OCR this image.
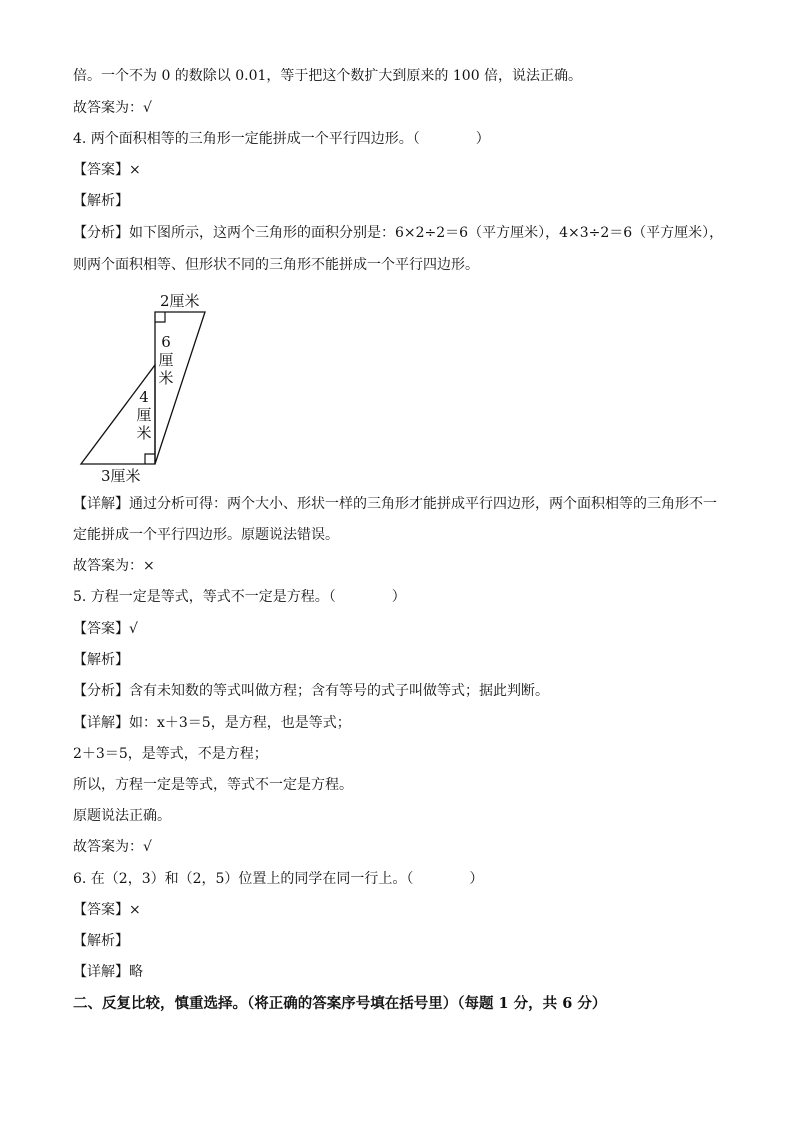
倍。一个不为 0 的数除以 0.01，等于把这个数扩大到原来的 100 倍，说法正确。
故答案为：√
4. 两个面积相等的三角形一定能拼成一个平行四边形。（　　　　）
【答案】×
【解析】
【分析】如下图所示，这两个三角形的面积分别是：6×2÷2＝6（平方厘米），4×3÷2＝6（平方厘米），
则两个面积相等、但形状不同的三角形不能拼成一个平行四边形。
2厘米
6
厘
米
4
厘
米
3厘米
【详解】通过分析可得：两个大小、形状一样的三角形才能拼成平行四边形，两个面积相等的三角形不一
定能拼成一个平行四边形。原题说法错误。
故答案为：×
5. 方程一定是等式，等式不一定是方程。（　　　　）
【答案】√
【解析】
【分析】含有未知数的等式叫做方程；含有等号的式子叫做等式；据此判断。
【详解】如：x＋3＝5，是方程，也是等式；
2＋3＝5，是等式，不是方程；
所以，方程一定是等式，等式不一定是方程。
原题说法正确。
故答案为：√
6. 在（2，3）和（2，5）位置上的同学在同一行上。（　　　　）
【答案】×
【解析】
【详解】略
二、反复比较，慎重选择。（将正确的答案序号填在括号里）（每题 1 分，共 6 分）
